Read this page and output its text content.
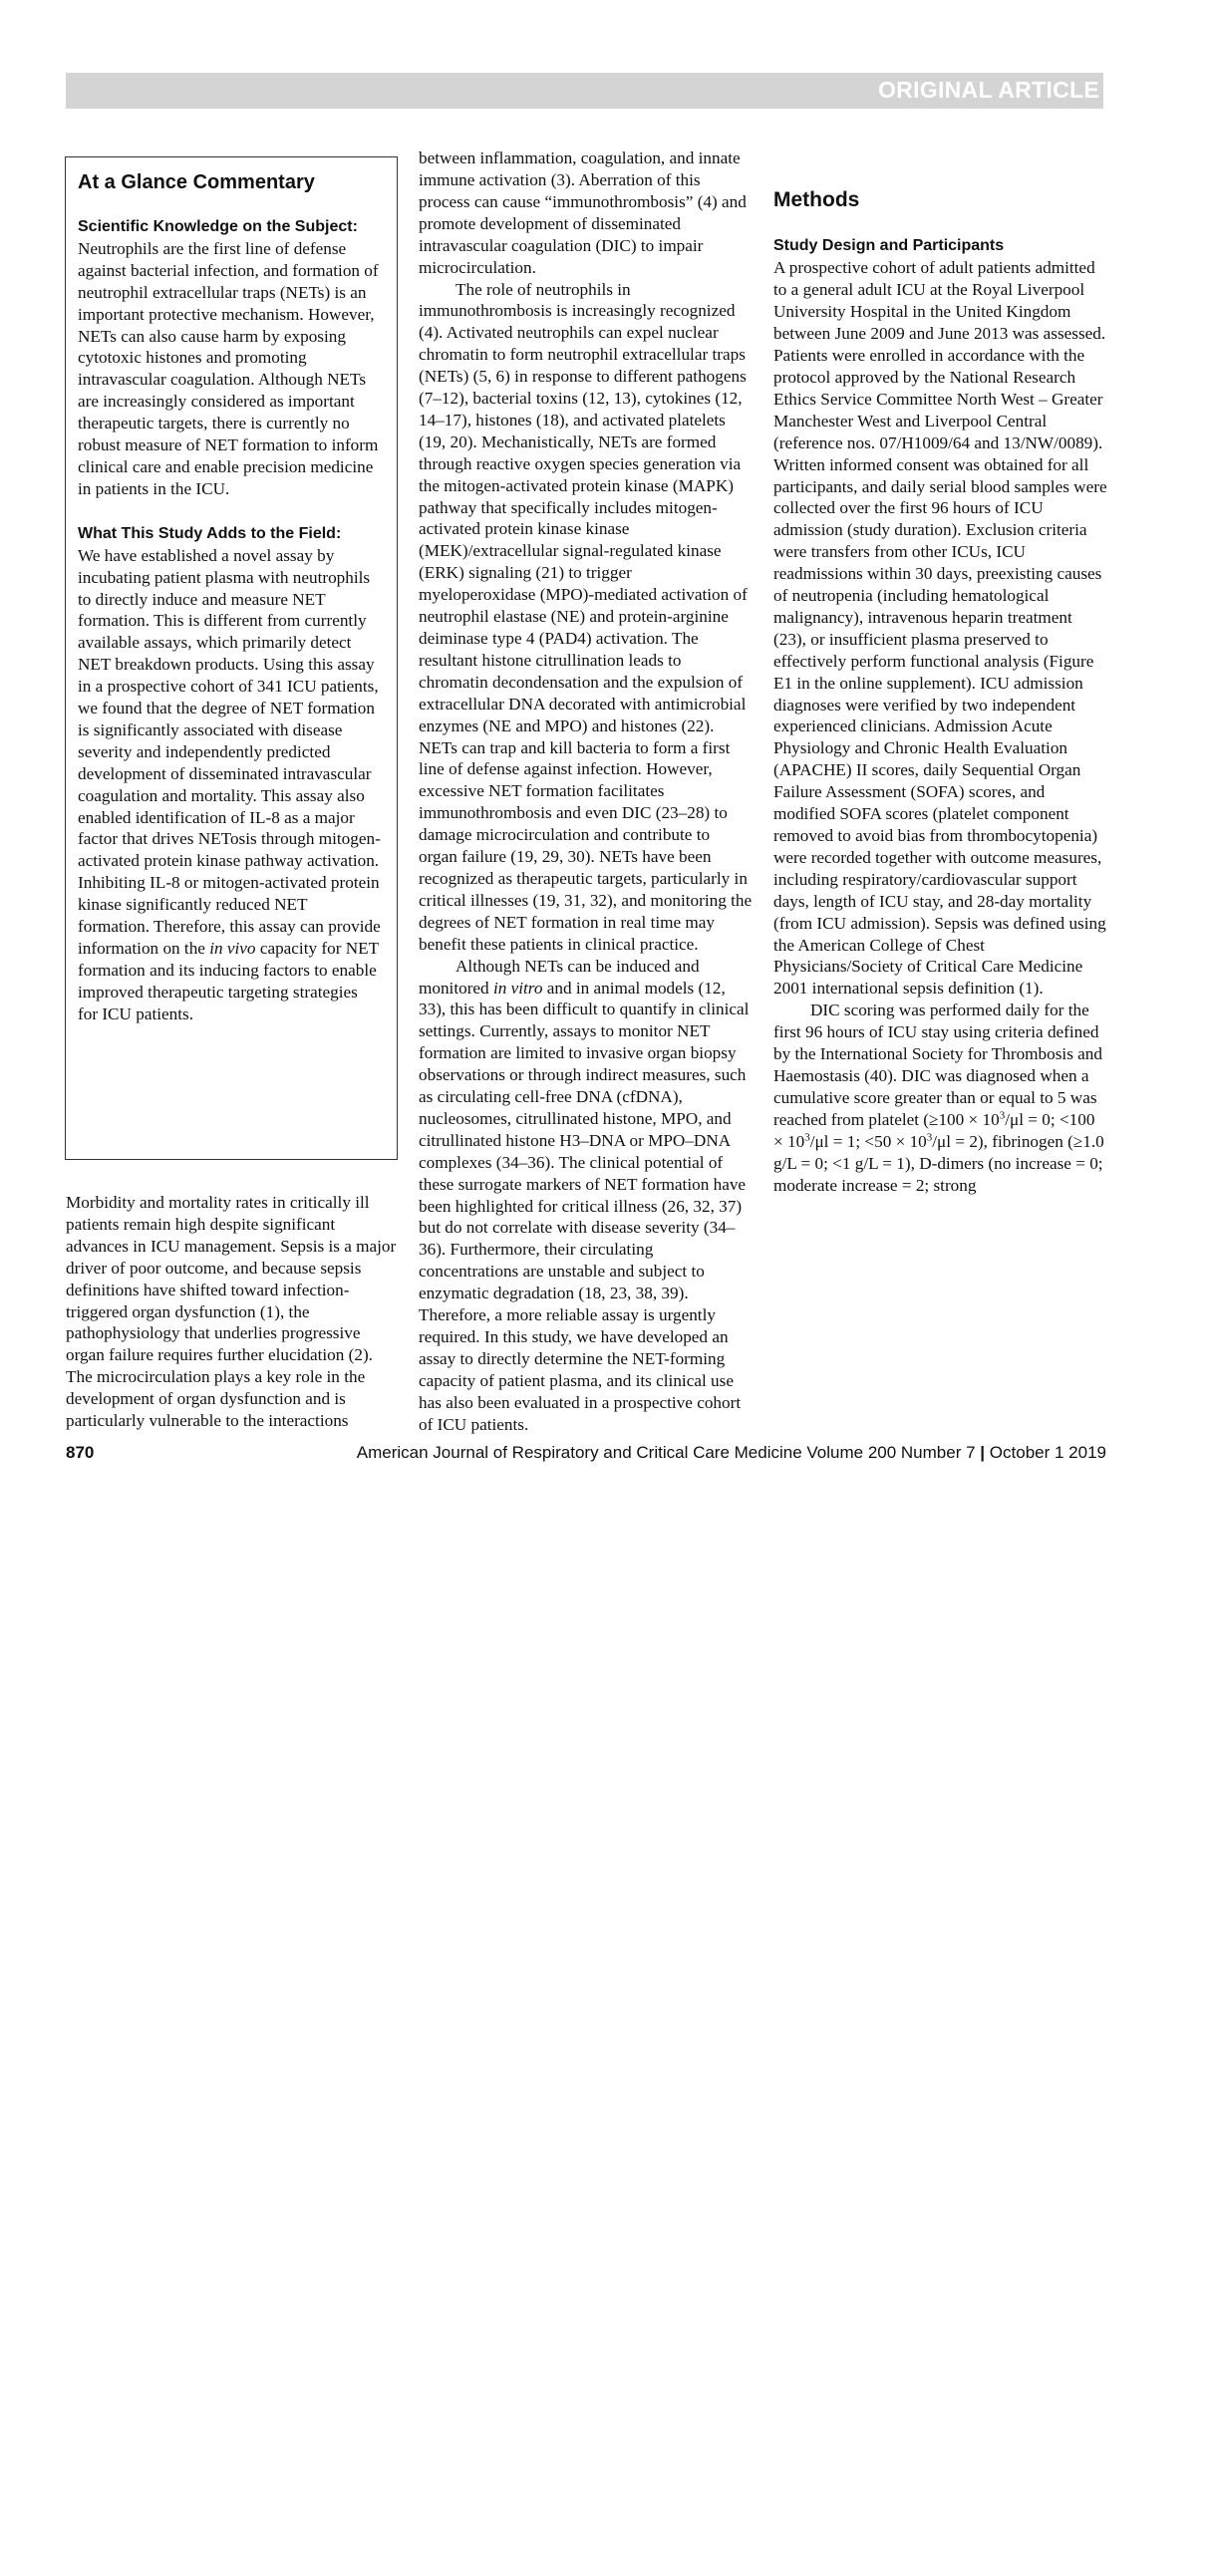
ORIGINAL ARTICLE
At a Glance Commentary

Scientific Knowledge on the Subject: Neutrophils are the first line of defense against bacterial infection, and formation of neutrophil extracellular traps (NETs) is an important protective mechanism. However, NETs can also cause harm by exposing cytotoxic histones and promoting intravascular coagulation. Although NETs are increasingly considered as important therapeutic targets, there is currently no robust measure of NET formation to inform clinical care and enable precision medicine in patients in the ICU.

What This Study Adds to the Field:

We have established a novel assay by incubating patient plasma with neutrophils to directly induce and measure NET formation. This is different from currently available assays, which primarily detect NET breakdown products. Using this assay in a prospective cohort of 341 ICU patients, we found that the degree of NET formation is significantly associated with disease severity and independently predicted development of disseminated intravascular coagulation and mortality. This assay also enabled identification of IL-8 as a major factor that drives NETosis through mitogen-activated protein kinase pathway activation. Inhibiting IL-8 or mitogen-activated protein kinase significantly reduced NET formation. Therefore, this assay can provide information on the in vivo capacity for NET formation and its inducing factors to enable improved therapeutic targeting strategies for ICU patients.

Morbidity and mortality rates in critically ill patients remain high despite significant advances in ICU management. Sepsis is a major driver of poor outcome, and because sepsis definitions have shifted toward infection-triggered organ dysfunction (1), the pathophysiology that underlies progressive organ failure requires further elucidation (2). The microcirculation plays a key role in the development of organ dysfunction and is particularly vulnerable to the interactions

between inflammation, coagulation, and innate immune activation (3). Aberration of this process can cause “immunothrombosis” (4) and promote development of disseminated intravascular coagulation (DIC) to impair microcirculation.

The role of neutrophils in immunothrombosis is increasingly recognized (4). Activated neutrophils can expel nuclear chromatin to form neutrophil extracellular traps (NETs) (5, 6) in response to different pathogens (7–12), bacterial toxins (12, 13), cytokines (12, 14–17), histones (18), and activated platelets (19, 20). Mechanistically, NETs are formed through reactive oxygen species generation via the mitogen-activated protein kinase (MAPK) pathway that specifically includes mitogen-activated protein kinase kinase (MEK)/extracellular signal-regulated kinase (ERK) signaling (21) to trigger myeloperoxidase (MPO)-mediated activation of neutrophil elastase (NE) and protein-arginine deiminase type 4 (PAD4) activation. The resultant histone citrullination leads to chromatin decondensation and the expulsion of extracellular DNA decorated with antimicrobial enzymes (NE and MPO) and histones (22). NETs can trap and kill bacteria to form a first line of defense against infection. However, excessive NET formation facilitates immunothrombosis and even DIC (23–28) to damage microcirculation and contribute to organ failure (19, 29, 30). NETs have been recognized as therapeutic targets, particularly in critical illnesses (19, 31, 32), and monitoring the degrees of NET formation in real time may benefit these patients in clinical practice.

Although NETs can be induced and monitored in vitro and in animal models (12, 33), this has been difficult to quantify in clinical settings. Currently, assays to monitor NET formation are limited to invasive organ biopsy observations or through indirect measures, such as circulating cell-free DNA (cfDNA), nucleosomes, citrullinated histone, MPO, and citrullinated histone H3–DNA or MPO–DNA complexes (34–36). The clinical potential of these surrogate markers of NET formation have been highlighted for critical illness (26, 32, 37) but do not correlate with disease severity (34–36). Furthermore, their circulating concentrations are unstable and subject to enzymatic degradation (18, 23, 38, 39). Therefore, a more reliable assay is urgently required. In this study, we have developed an assay to directly determine the NET-forming capacity of patient plasma, and its clinical use has also been evaluated in a prospective cohort of ICU patients.

Methods
Study Design and Participants

A prospective cohort of adult patients admitted to a general adult ICU at the Royal Liverpool University Hospital in the United Kingdom between June 2009 and June 2013 was assessed. Patients were enrolled in accordance with the protocol approved by the National Research Ethics Service Committee North West – Greater Manchester West and Liverpool Central (reference nos. 07/H1009/64 and 13/NW/0089). Written informed consent was obtained for all participants, and daily serial blood samples were collected over the first 96 hours of ICU admission (study duration). Exclusion criteria were transfers from other ICUs, ICU readmissions within 30 days, preexisting causes of neutropenia (including hematological malignancy), intravenous heparin treatment (23), or insufficient plasma preserved to effectively perform functional analysis (Figure E1 in the online supplement). ICU admission diagnoses were verified by two independent experienced clinicians. Admission Acute Physiology and Chronic Health Evaluation (APACHE) II scores, daily Sequential Organ Failure Assessment (SOFA) scores, and modified SOFA scores (platelet component removed to avoid bias from thrombocytopenia) were recorded together with outcome measures, including respiratory/cardiovascular support days, length of ICU stay, and 28-day mortality (from ICU admission). Sepsis was defined using the American College of Chest Physicians/Society of Critical Care Medicine 2001 international sepsis definition (1).

DIC scoring was performed daily for the first 96 hours of ICU stay using criteria defined by the International Society for Thrombosis and Haemostasis (40). DIC was diagnosed when a cumulative score greater than or equal to 5 was reached from platelet ($\ge 100 \times 10^3/\mu l = 0$; $<100 \times 10^3/\mu l = 1$; $<50 \times 10^3/\mu l = 2$), fibrinogen (≥1.0 g/L = 0; <1 g/L = 1), D-dimers (no increase = 0; moderate increase = 2; strong

870	American Journal of Respiratory and Critical Care Medicine Volume 200 Number 7 | October 1 2019
